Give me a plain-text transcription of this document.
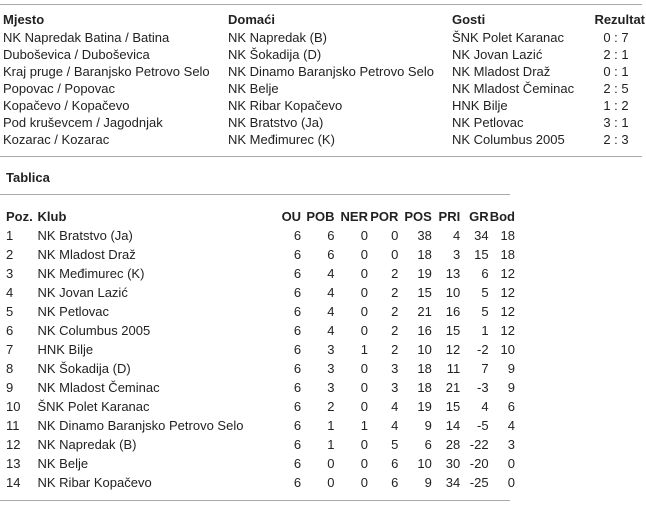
Mjesto	Domaći	Gosti	Rezultat
NK Napredak Batina / Batina	NK Napredak (B)	ŠNK Polet Karanac	0 : 7
Duboševica / Duboševica	NK Šokadija (D)	NK Jovan Lazić	2 : 1
Kraj pruge / Baranjsko Petrovo Selo	NK Dinamo Baranjsko Petrovo Selo	NK Mladost Draž	0 : 1
Popovac / Popovac	NK Belje	NK Mladost Čeminac	2 : 5
Kopačevo / Kopačevo	NK Ribar Kopačevo	HNK Bilje	1 : 2
Pod kruševcem / Jagodnjak	NK Bratstvo (Ja)	NK Petlovac	3 : 1
Kozarac / Kozarac	NK Međimurec (K)	NK Columbus 2005	2 : 3
Tablica
Poz.	Klub	OU	POB	NER	POR	POS	PRI	GR	Bod
1	NK Bratstvo (Ja)	6	6	0	0	38	4	34	18
2	NK Mladost Draž	6	6	0	0	18	3	15	18
3	NK Međimurec (K)	6	4	0	2	19	13	6	12
4	NK Jovan Lazić	6	4	0	2	15	10	5	12
5	NK Petlovac	6	4	0	2	21	16	5	12
6	NK Columbus 2005	6	4	0	2	16	15	1	12
7	HNK Bilje	6	3	1	2	10	12	-2	10
8	NK Šokadija (D)	6	3	0	3	18	11	7	9
9	NK Mladost Čeminac	6	3	0	3	18	21	-3	9
10	ŠNK Polet Karanac	6	2	0	4	19	15	4	6
11	NK Dinamo Baranjsko Petrovo Selo	6	1	1	4	9	14	-5	4
12	NK Napredak (B)	6	1	0	5	6	28	-22	3
13	NK Belje	6	0	0	6	10	30	-20	0
14	NK Ribar Kopačevo	6	0	0	6	9	34	-25	0
